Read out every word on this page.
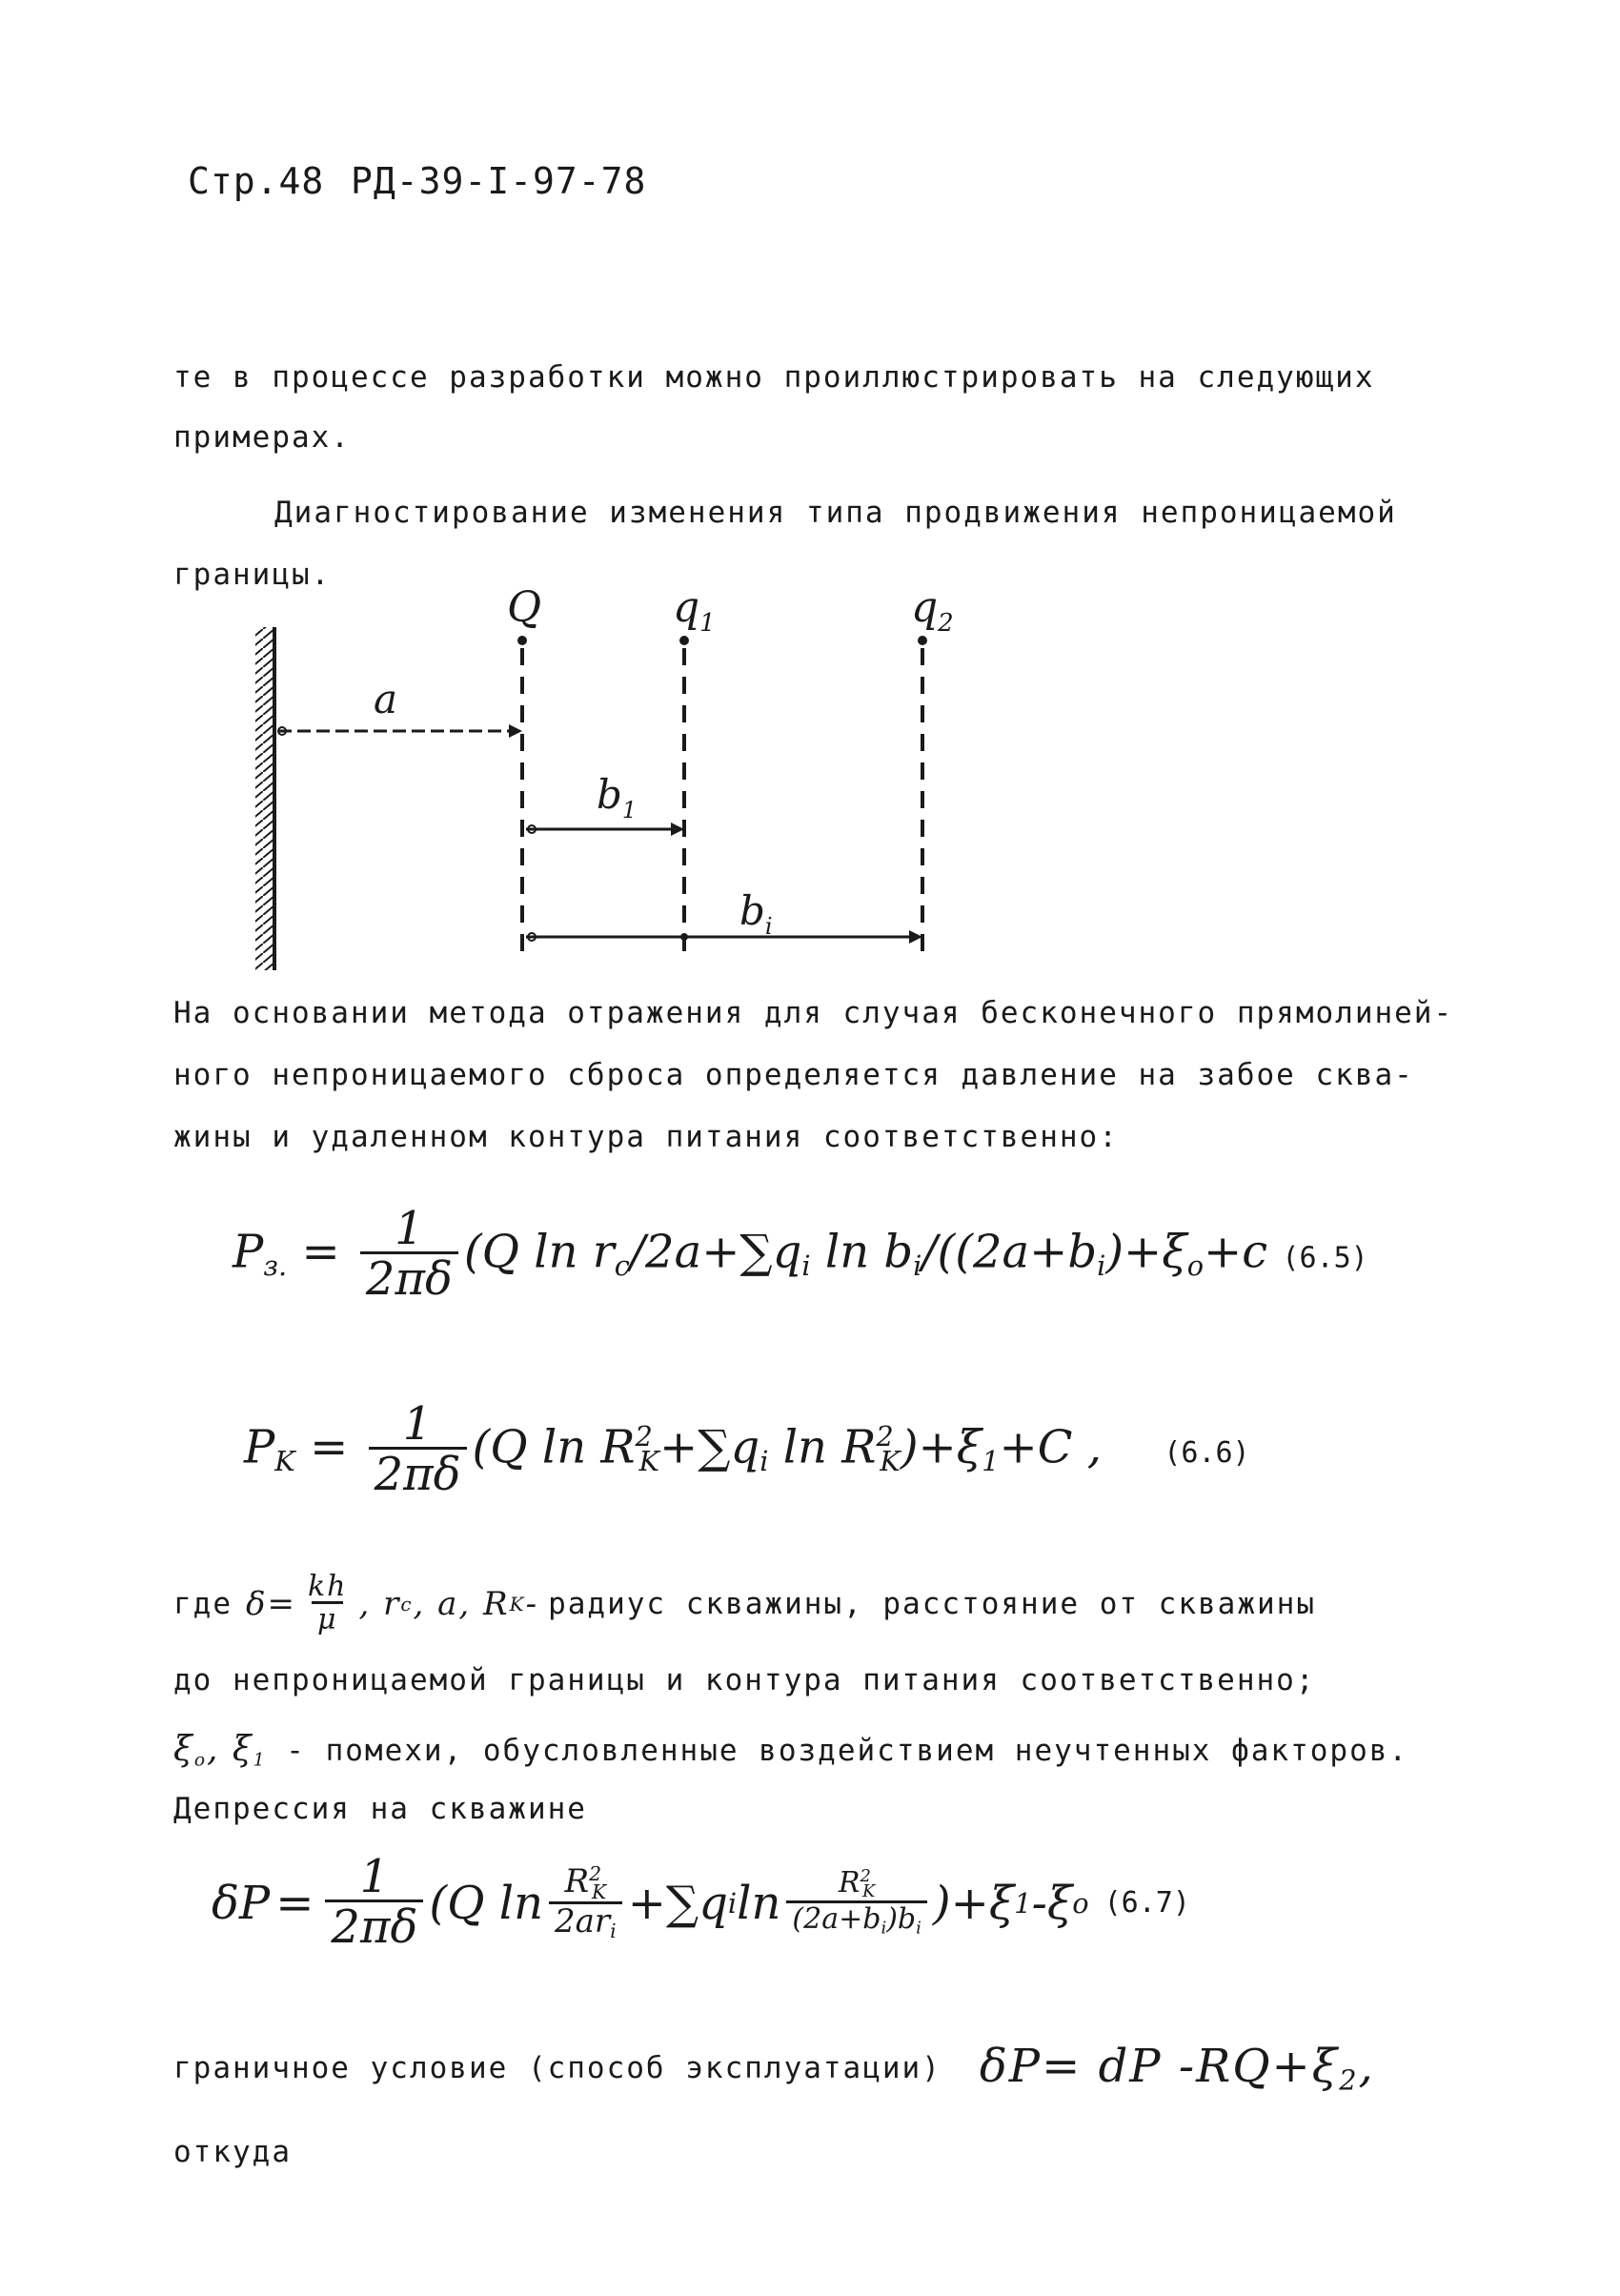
Стр.48 РД-39-I-97-78
те в процессе разработки можно проиллюстрировать на следующих
примерах.
Диагностирование изменения типа продвижения непроницаемой
границы.
Q	$q_1$	$q_2$
a
$b_1$
$b_i$
На основании метода отражения для случая бесконечного прямолиней-
ного непроницаемого сброса определяется давление на забое сква-
жины и удаленном контура питания соответственно:
$P_{з.} = \frac{1}{2\pi\delta} (Q$ $\ln r_c/2a+\sum q_i$ $\ln b_i/((2a+b_i)+\xi_o+c$ (6.5)
$P_K = \frac{1}{2\pi\delta} (Q$ $\ln R^2_K+\sum q_i$ $\ln R^2_K)+\xi_1+C$ , (6.6)
где $\delta= \frac{kh}{\mu}$ , r c , a, R K - радиус скважины, расстояние от скважины
до непроницаемой границы и контура питания соответственно;
$\xi_o$, $\xi_1$ - помехи, обусловленные воздействием неучтенных факторов.
Депрессия на скважине
$\delta P = \frac{1}{2\pi\delta} (Q$ $\ln \frac{R^2_K}{2ar_i} +\sum q$ i $\ln \frac{R^2_K}{(2a+b_i)b_i} )+\xi$ 1 -ξ o (6.7)
граничное условие (способ эксплуатации) δP= dP $-RQ+\xi_2$,
откуда
